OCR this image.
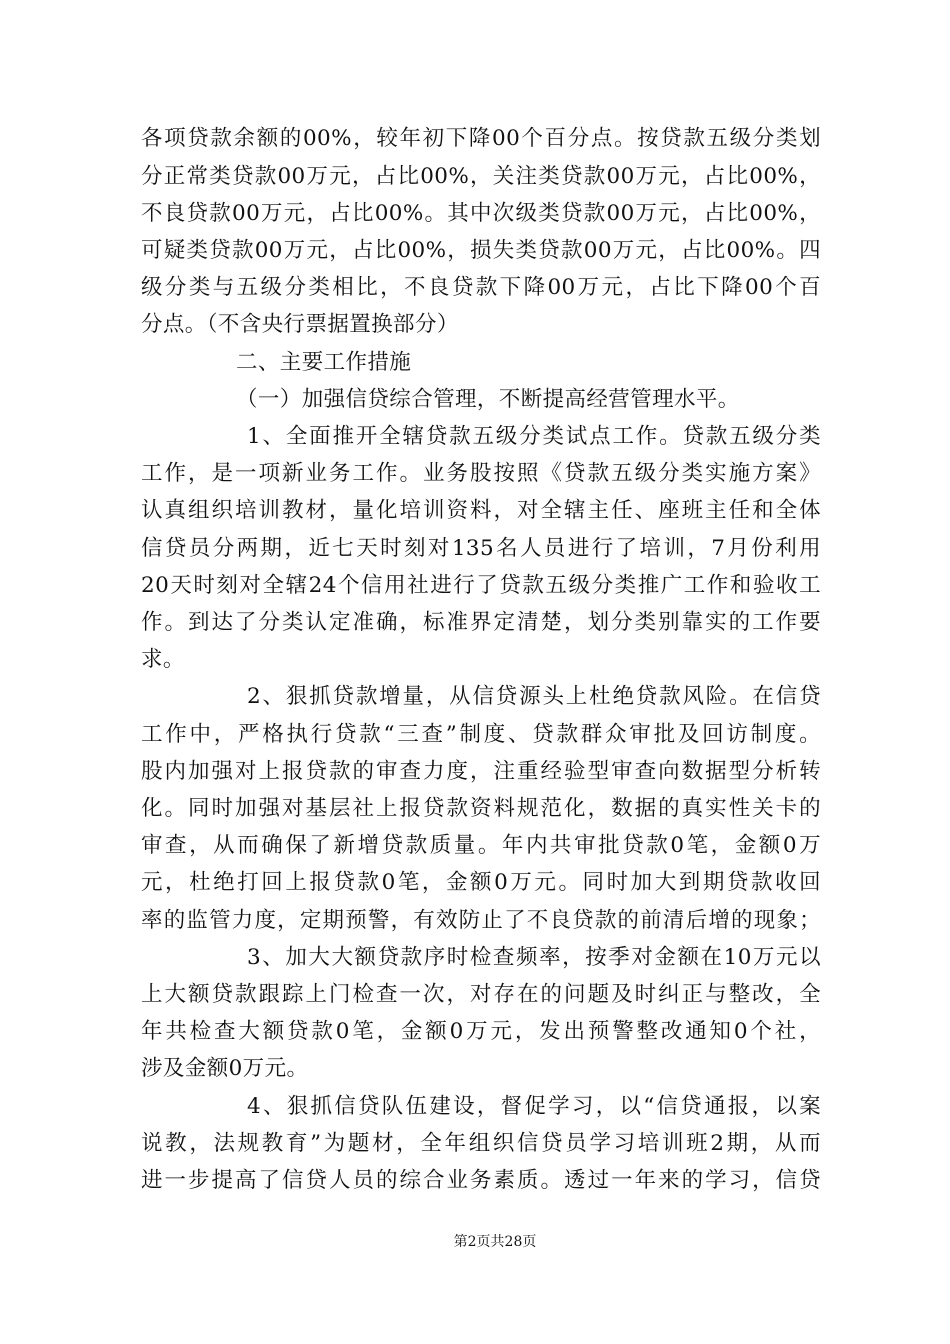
各项贷款余额的00%，较年初下降00个百分点。按贷款五级分类划
分正常类贷款00万元，占比00%，关注类贷款00万元，占比00%，
不良贷款00万元，占比00%。其中次级类贷款00万元，占比00%，
可疑类贷款00万元，占比00%，损失类贷款00万元，占比00%。四
级分类与五级分类相比，不良贷款下降00万元，占比下降00个百
分点。（不含央行票据置换部分）
二、主要工作措施
（一）加强信贷综合管理，不断提高经营管理水平。
1、全面推开全辖贷款五级分类试点工作。贷款五级分类
工作，是一项新业务工作。业务股按照《贷款五级分类实施方案》
认真组织培训教材，量化培训资料，对全辖主任、座班主任和全体
信贷员分两期，近七天时刻对135名人员进行了培训，7月份利用
20天时刻对全辖24个信用社进行了贷款五级分类推广工作和验收工
作。到达了分类认定准确，标准界定清楚，划分类别靠实的工作要
求。
2、狠抓贷款增量，从信贷源头上杜绝贷款风险。在信贷
工作中，严格执行贷款“三查”制度、贷款群众审批及回访制度。
股内加强对上报贷款的审查力度，注重经验型审查向数据型分析转
化。同时加强对基层社上报贷款资料规范化，数据的真实性关卡的
审查，从而确保了新增贷款质量。年内共审批贷款0笔，金额0万
元，杜绝打回上报贷款0笔，金额0万元。同时加大到期贷款收回
率的监管力度，定期预警，有效防止了不良贷款的前清后增的现象；
3、加大大额贷款序时检查频率，按季对金额在10万元以
上大额贷款跟踪上门检查一次，对存在的问题及时纠正与整改，全
年共检查大额贷款0笔，金额0万元，发出预警整改通知0个社，
涉及金额0万元。
4、狠抓信贷队伍建设，督促学习，以“信贷通报，以案
说教，法规教育”为题材，全年组织信贷员学习培训班2期，从而
进一步提高了信贷人员的综合业务素质。透过一年来的学习，信贷
第2页共28页
